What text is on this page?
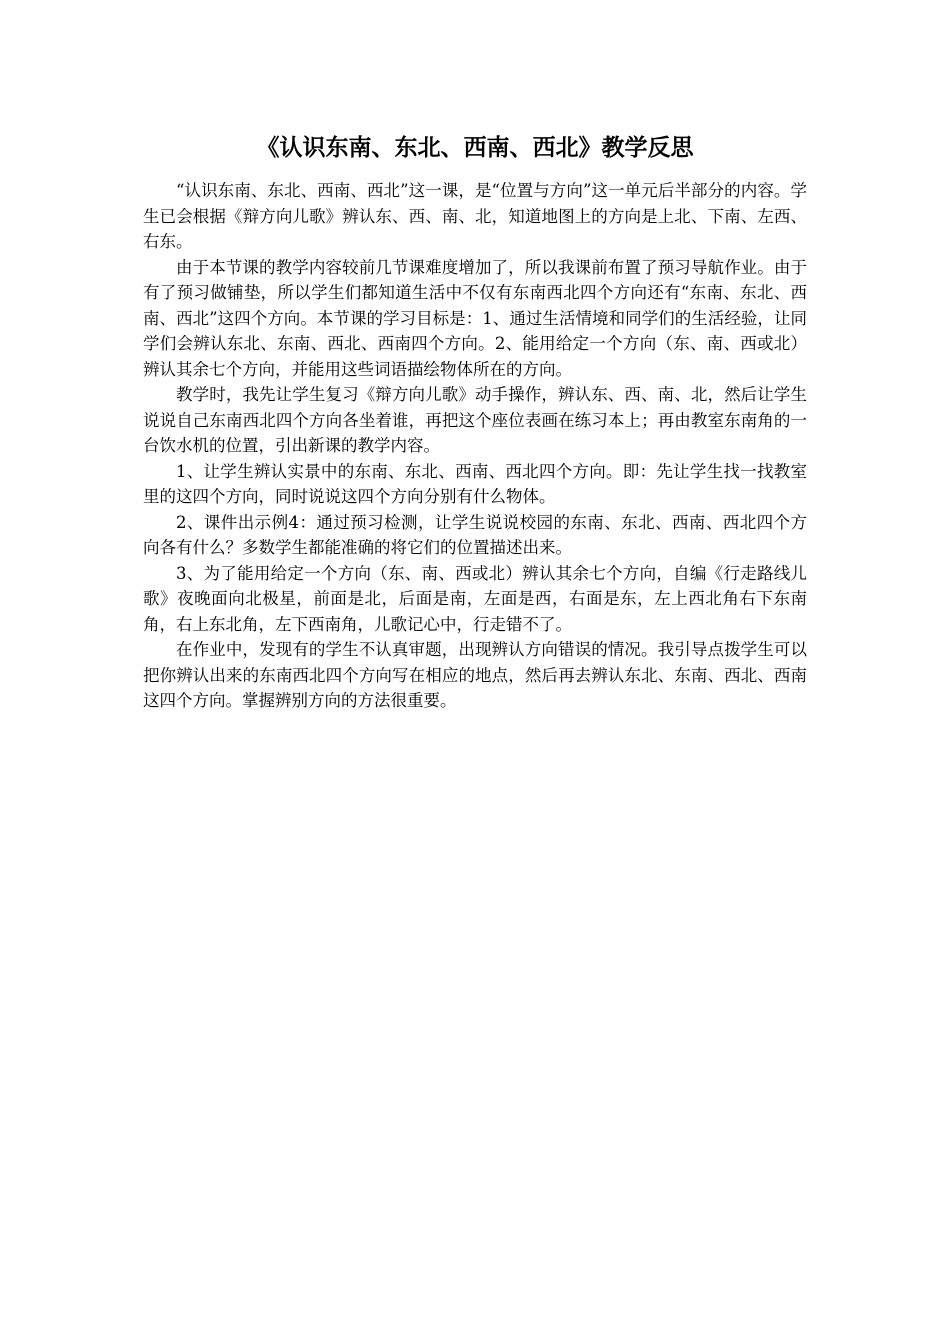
《认识东南、东北、西南、西北》教学反思

“认识东南、东北、西南、西北”这一课，是“位置与方向”这一单元后半部分的内容。学生已会根据《辩方向儿歌》辨认东、西、南、北，知道地图上的方向是上北、下南、左西、右东。

由于本节课的教学内容较前几节课难度增加了，所以我课前布置了预习导航作业。由于有了预习做铺垫，所以学生们都知道生活中不仅有东南西北四个方向还有“东南、东北、西南、西北”这四个方向。本节课的学习目标是：1、通过生活情境和同学们的生活经验，让同学们会辨认东北、东南、西北、西南四个方向。2、能用给定一个方向（东、南、西或北）辨认其余七个方向，并能用这些词语描绘物体所在的方向。

教学时，我先让学生复习《辩方向儿歌》动手操作，辨认东、西、南、北，然后让学生说说自己东南西北四个方向各坐着谁，再把这个座位表画在练习本上；再由教室东南角的一台饮水机的位置，引出新课的教学内容。

1、让学生辨认实景中的东南、东北、西南、西北四个方向。即：先让学生找一找教室里的这四个方向，同时说说这四个方向分别有什么物体。

2、课件出示例4：通过预习检测，让学生说说校园的东南、东北、西南、西北四个方向各有什么？多数学生都能准确的将它们的位置描述出来。

3、为了能用给定一个方向（东、南、西或北）辨认其余七个方向，自编《行走路线儿歌》夜晚面向北极星，前面是北，后面是南，左面是西，右面是东，左上西北角右下东南角，右上东北角，左下西南角，儿歌记心中，行走错不了。

在作业中，发现有的学生不认真审题，出现辨认方向错误的情况。我引导点拨学生可以把你辨认出来的东南西北四个方向写在相应的地点，然后再去辨认东北、东南、西北、西南这四个方向。掌握辨别方向的方法很重要。
